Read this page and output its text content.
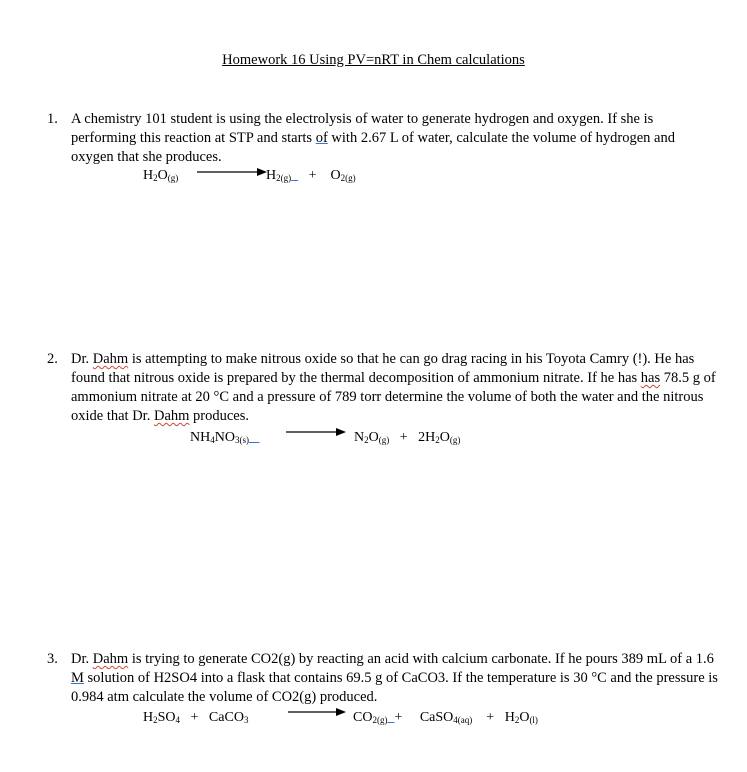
Homework 16 Using PV=nRT in Chem calculations
1. A chemistry 101 student is using the electrolysis of water to generate hydrogen and oxygen. If she is performing this reaction at STP and starts of with 2.67 L of water, calculate the volume of hydrogen and oxygen that she produces.
$H_2O_{(g)}$	$H_{2(g)}$     +    $O_{2(g)}$
2. Dr. Dahm is attempting to make nitrous oxide so that he can go drag racing in his Toyota Camry (!). He has found that nitrous oxide is prepared by the thermal decomposition of ammonium nitrate. If he has has 78.5 g of ammonium nitrate at 20 °C and a pressure of 789 torr determine the volume of both the water and the nitrous oxide that Dr. Dahm produces.
$NH_4NO_{3(s)}$	$N_2O_{(g)} + 2H_2O_{(g)}$
3. Dr. Dahm is trying to generate CO2(g) by reacting an acid with calcium carbonate. If he pours 389 mL of a 1.6 M solution of H2SO4 into a flask that contains 69.5 g of CaCO3. If the temperature is 30 °C and the pressure is 0.984 atm calculate the volume of CO2(g) produced.
$H_2SO_4$   +   CaCO$_3$ → $CO_{2(g)}$ +     CaSO$_{4(aq)}$    +   $H_2O_{(l)}$
